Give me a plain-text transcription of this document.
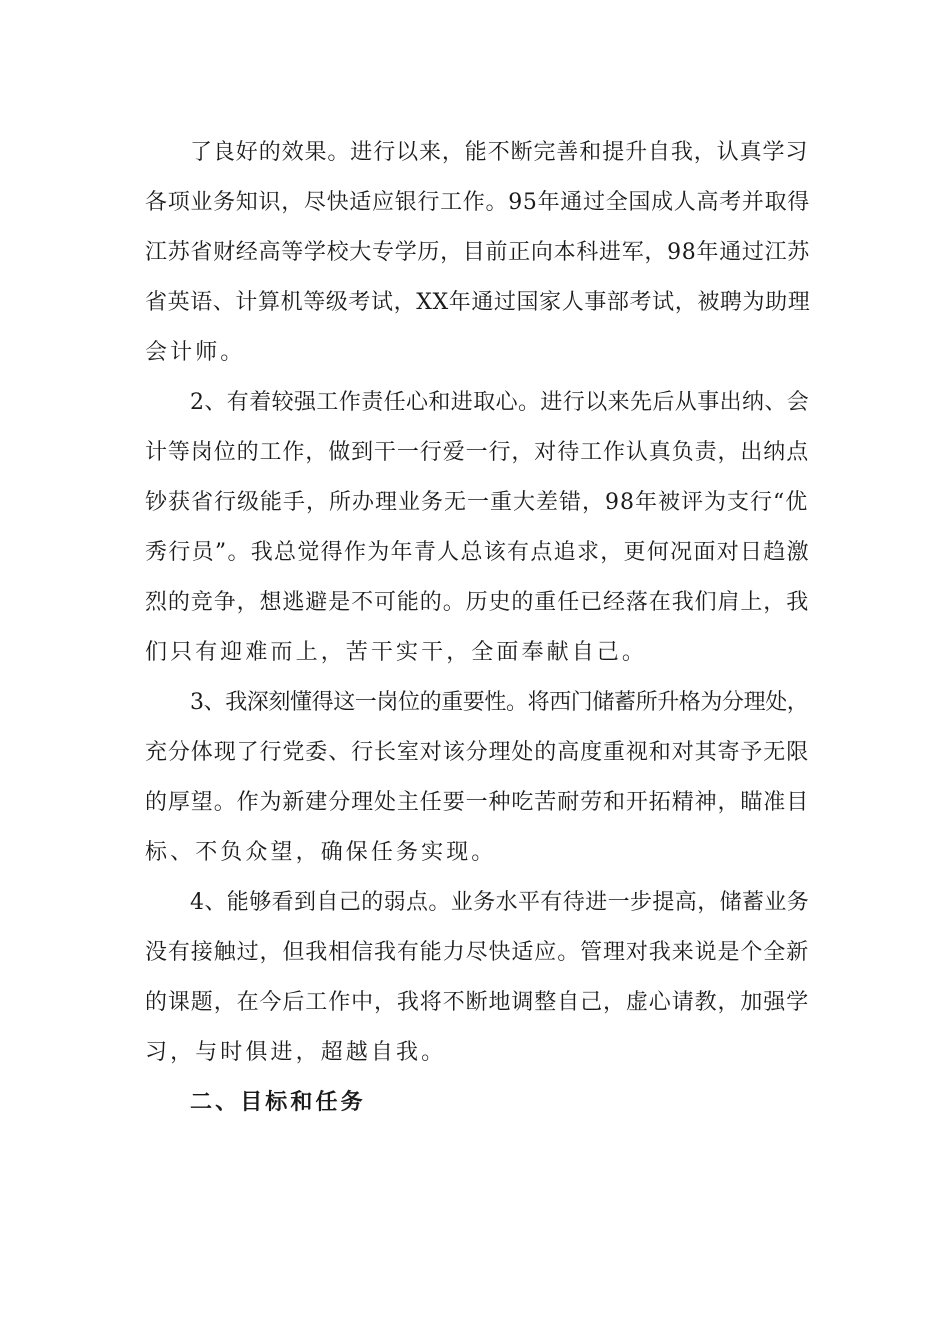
了良好的效果。进行以来，能不断完善和提升自我，认真学习
各项业务知识，尽快适应银行工作。95年通过全国成人高考并取得
江苏省财经高等学校大专学历，目前正向本科进军，98年通过江苏
省英语、计算机等级考试，XX年通过国家人事部考试，被聘为助理
会计师。
2、有着较强工作责任心和进取心。进行以来先后从事出纳、会
计等岗位的工作，做到干一行爱一行，对待工作认真负责，出纳点
钞获省行级能手，所办理业务无一重大差错，98年被评为支行“优
秀行员”。我总觉得作为年青人总该有点追求，更何况面对日趋激
烈的竞争，想逃避是不可能的。历史的重任已经落在我们肩上，我
们只有迎难而上，苦干实干，全面奉献自己。
3、我深刻懂得这一岗位的重要性。将西门储蓄所升格为分理处，
充分体现了行党委、行长室对该分理处的高度重视和对其寄予无限
的厚望。作为新建分理处主任要一种吃苦耐劳和开拓精神，瞄准目
标、不负众望，确保任务实现。
4、能够看到自己的弱点。业务水平有待进一步提高，储蓄业务
没有接触过，但我相信我有能力尽快适应。管理对我来说是个全新
的课题，在今后工作中，我将不断地调整自己，虚心请教，加强学
习，与时俱进，超越自我。
二、目标和任务
